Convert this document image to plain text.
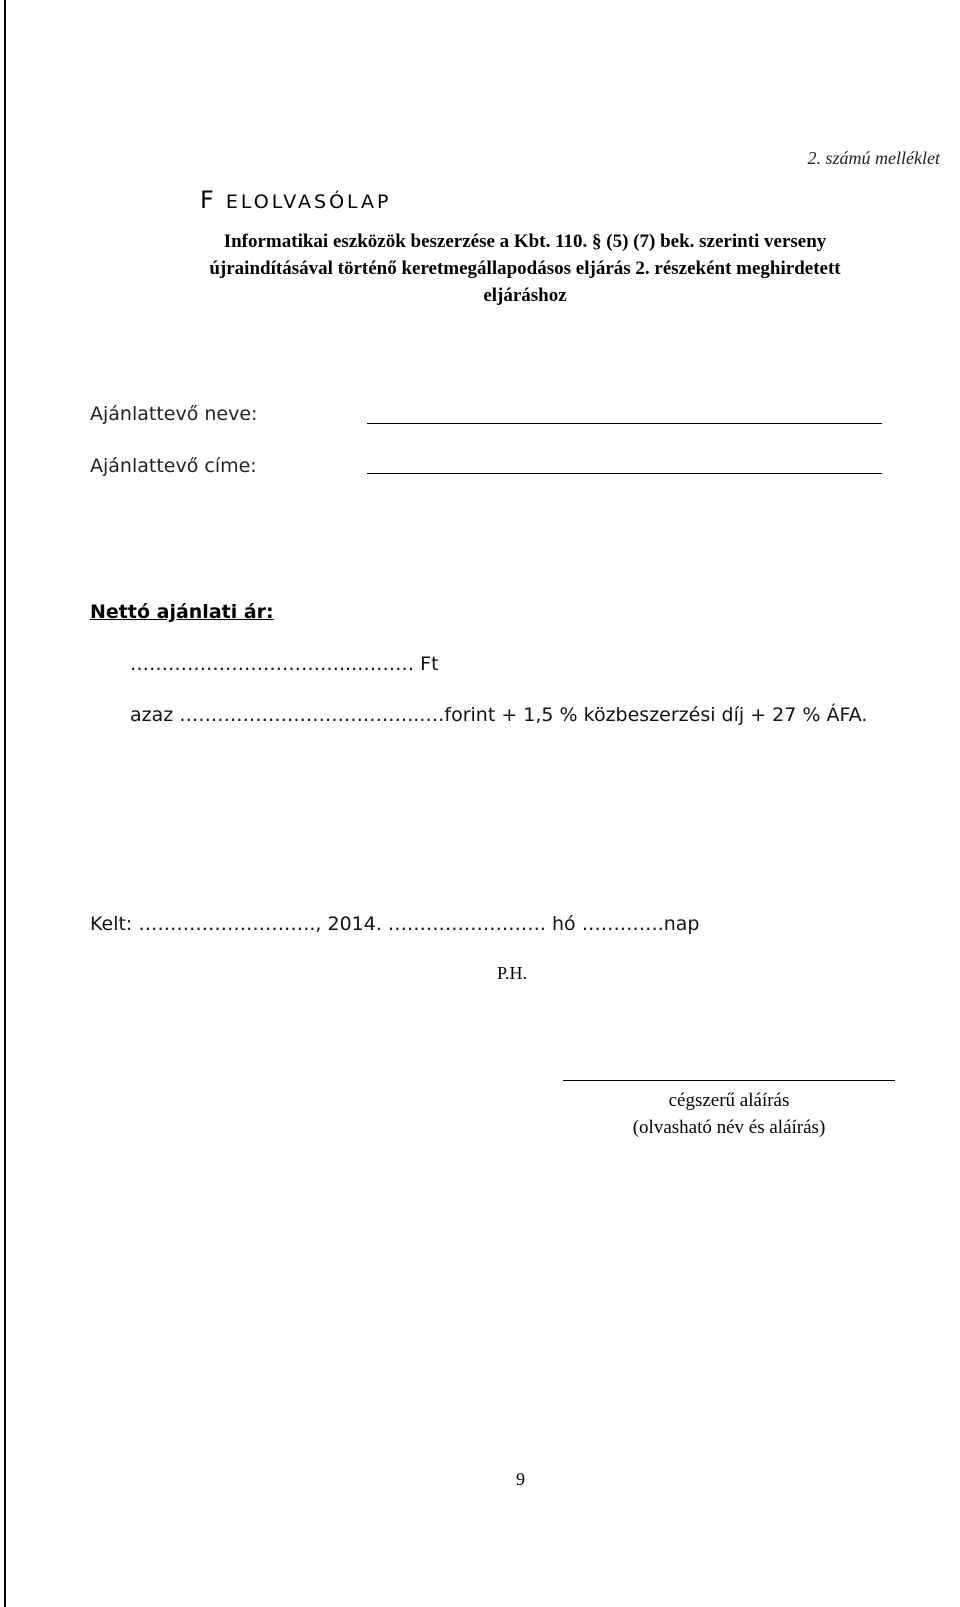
2. számú melléklet
F ELOLVASÓLAP
Informatikai eszközök beszerzése a Kbt. 110. § (5) (7) bek. szerinti verseny
újraindításával történő keretmegállapodásos eljárás 2. részeként meghirdetett
eljáráshoz
Ajánlattevő neve:
Ajánlattevő címe:
Nettó ajánlati ár:
……………………………...……… Ft
azaz ………………………………...…forint + 1,5 % közbeszerzési díj + 27 % ÁFA.
Kelt: ………………………., 2014. ……………………. hó ………….nap
P.H.
cégszerű aláírás
(olvasható név és aláírás)
9
